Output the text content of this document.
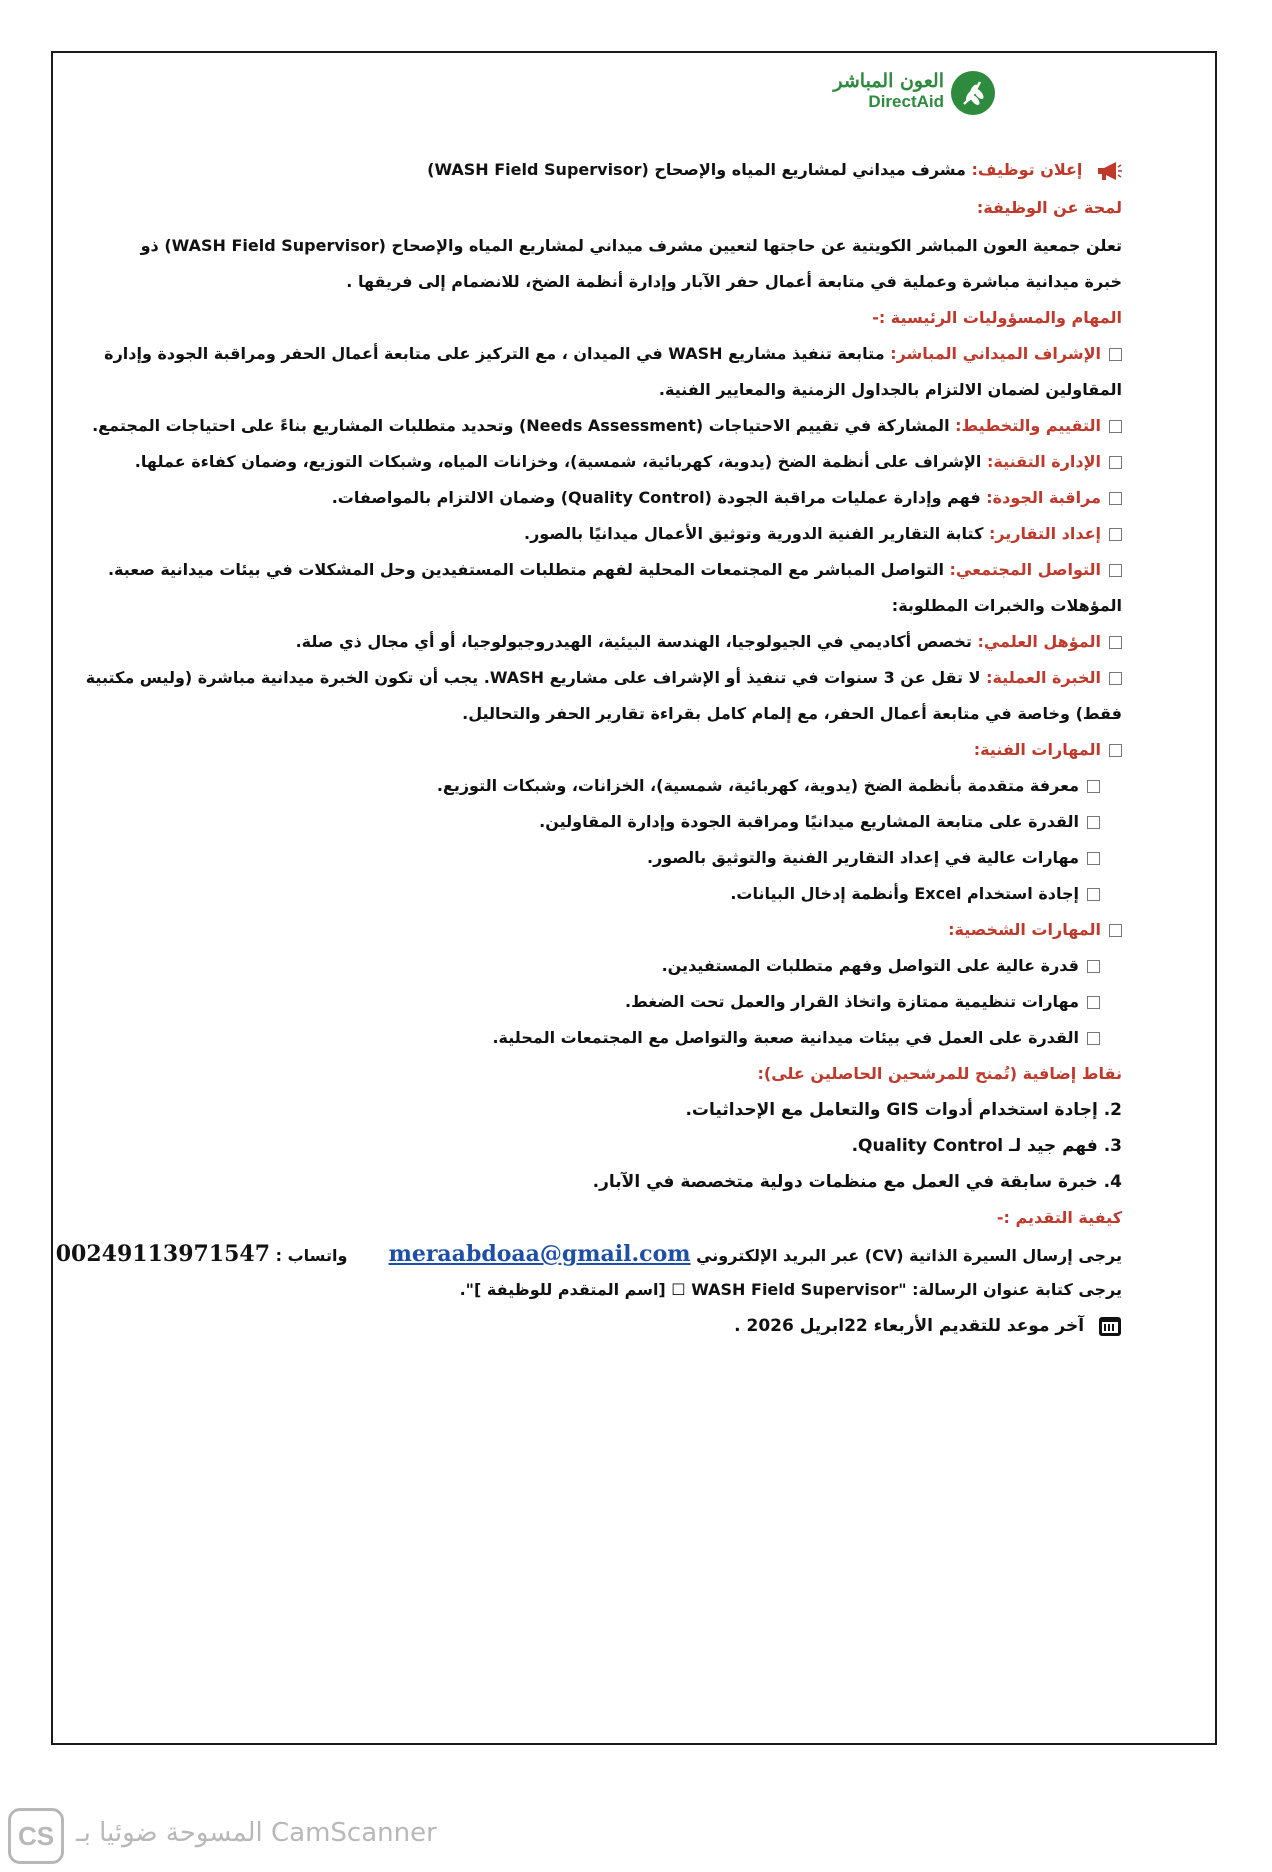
العون المباشر
DirectAid
إعلان توظيف: مشرف ميداني لمشاريع المياه والإصحاح (WASH Field Supervisor)
لمحة عن الوظيفة:
تعلن جمعية العون المباشر الكويتية عن حاجتها لتعيين مشرف ميداني لمشاريع المياه والإصحاح (WASH Field Supervisor) ذو
خبرة ميدانية مباشرة وعملية في متابعة أعمال حفر الآبار وإدارة أنظمة الضخ، للانضمام إلى فريقها .
المهام والمسؤوليات الرئيسية :-
الإشراف الميداني المباشر: متابعة تنفيذ مشاريع WASH في الميدان ، مع التركيز على متابعة أعمال الحفر ومراقبة الجودة وإدارة
المقاولين لضمان الالتزام بالجداول الزمنية والمعايير الفنية.
التقييم والتخطيط: المشاركة في تقييم الاحتياجات (Needs Assessment) وتحديد متطلبات المشاريع بناءً على احتياجات المجتمع.
الإدارة التقنية: الإشراف على أنظمة الضخ (يدوية، كهربائية، شمسية)، وخزانات المياه، وشبكات التوزيع، وضمان كفاءة عملها.
مراقبة الجودة: فهم وإدارة عمليات مراقبة الجودة (Quality Control) وضمان الالتزام بالمواصفات.
إعداد التقارير: كتابة التقارير الفنية الدورية وتوثيق الأعمال ميدانيًا بالصور.
التواصل المجتمعي: التواصل المباشر مع المجتمعات المحلية لفهم متطلبات المستفيدين وحل المشكلات في بيئات ميدانية صعبة.
المؤهلات والخبرات المطلوبة:
المؤهل العلمي: تخصص أكاديمي في الجيولوجيا، الهندسة البيئية، الهيدروجيولوجيا، أو أي مجال ذي صلة.
الخبرة العملية: لا تقل عن 3 سنوات في تنفيذ أو الإشراف على مشاريع WASH. يجب أن تكون الخبرة ميدانية مباشرة (وليس مكتبية
فقط) وخاصة في متابعة أعمال الحفر، مع إلمام كامل بقراءة تقارير الحفر والتحاليل.
المهارات الفنية:
معرفة متقدمة بأنظمة الضخ (يدوية، كهربائية، شمسية)، الخزانات، وشبكات التوزيع.
القدرة على متابعة المشاريع ميدانيًا ومراقبة الجودة وإدارة المقاولين.
مهارات عالية في إعداد التقارير الفنية والتوثيق بالصور.
إجادة استخدام Excel وأنظمة إدخال البيانات.
المهارات الشخصية:
قدرة عالية على التواصل وفهم متطلبات المستفيدين.
مهارات تنظيمية ممتازة واتخاذ القرار والعمل تحت الضغط.
القدرة على العمل في بيئات ميدانية صعبة والتواصل مع المجتمعات المحلية.
نقاط إضافية (تُمنح للمرشحين الحاصلين على):
2. إجادة استخدام أدوات GIS والتعامل مع الإحداثيات.
3. فهم جيد لـ Quality Control.
4. خبرة سابقة في العمل مع منظمات دولية متخصصة في الآبار.
كيفية التقديم :-
يرجى إرسال السيرة الذاتية (CV) عبر البريد الإلكتروني meraabdoaa@gmail.com  واتساب : 00249113971547
يرجى كتابة عنوان الرسالة: "WASH Field Supervisor ☐ [اسم المتقدم للوظيفة ]".
آخر موعد للتقديم الأربعاء 22ابريل 2026 .
CS المسوحة ضوئيا بـ CamScanner
